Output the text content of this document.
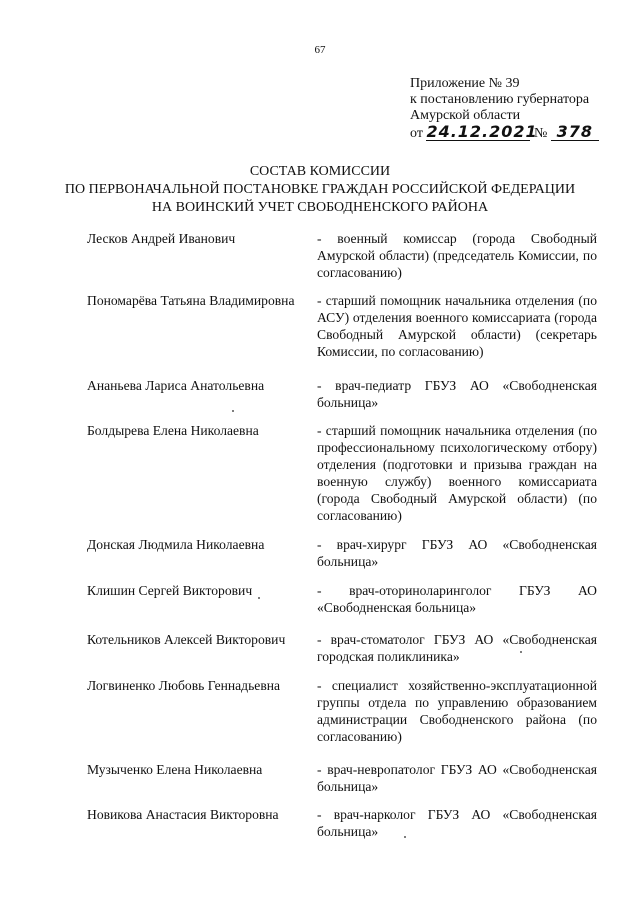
67
Приложение № 39
к постановлению губернатора
Амурской области
от 24.12.2021 № 378
СОСТАВ КОМИССИИ
ПО ПЕРВОНАЧАЛЬНОЙ ПОСТАНОВКЕ ГРАЖДАН РОССИЙСКОЙ ФЕДЕРАЦИИ
НА ВОИНСКИЙ УЧЕТ СВОБОДНЕНСКОГО РАЙОНА
Лесков Андрей Иванович	- военный комиссар (города Свободный Амурской области) (председатель Комиссии, по согласованию)
Пономарёва Татьяна Владимировна	- старший помощник начальника отделения (по АСУ) отделения военного комиссариата (города Свободный Амурской области) (секретарь Комиссии, по согласованию)
Ананьева Лариса Анатольевна	- врач-педиатр ГБУЗ АО «Свободненская больница»
Болдырева Елена Николаевна	- старший помощник начальника отделения (по профессиональному психологическому отбору) отделения (подготовки и призыва граждан на военную службу) военного комиссариата (города Свободный Амурской области) (по согласованию)
Донская Людмила Николаевна	- врач-хирург ГБУЗ АО «Свободненская больница»
Клишин Сергей Викторович	- врач-оториноларинголог ГБУЗ АО «Свободненская больница»
Котельников Алексей Викторович	- врач-стоматолог ГБУЗ АО «Свободненская городская поликлиника»
Логвиненко Любовь Геннадьевна	- специалист хозяйственно-эксплуатационной группы отдела по управлению образованием администрации Свободненского района (по согласованию)
Музыченко Елена Николаевна	- врач-невропатолог ГБУЗ АО «Свободненская больница»
Новикова Анастасия Викторовна	- врач-нарколог ГБУЗ АО «Свободненская больница»
